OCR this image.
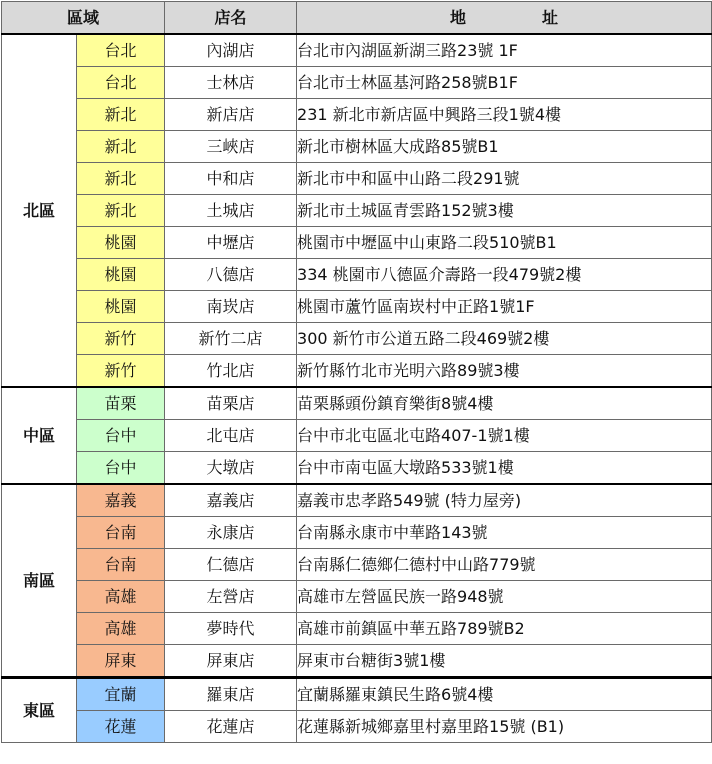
區域		店名	地 址
北區	台北	內湖店	台北市內湖區新湖三路23號 1F
	台北	士林店	台北市士林區基河路258號B1F
	新北	新店店	231 新北市新店區中興路三段1號4樓
	新北	三峽店	新北市樹林區大成路85號B1
	新北	中和店	新北市中和區中山路二段291號
	新北	土城店	新北市土城區青雲路152號3樓
	桃園	中壢店	桃園市中壢區中山東路二段510號B1
	桃園	八德店	334 桃園市八德區介壽路一段479號2樓
	桃園	南崁店	桃園市蘆竹區南崁村中正路1號1F
	新竹	新竹二店	300 新竹市公道五路二段469號2樓
	新竹	竹北店	新竹縣竹北市光明六路89號3樓
中區	苗栗	苗栗店	苗栗縣頭份鎮育樂街8號4樓
	台中	北屯店	台中市北屯區北屯路407-1號1樓
	台中	大墩店	台中市南屯區大墩路533號1樓
南區	嘉義	嘉義店	嘉義市忠孝路549號 (特力屋旁)
	台南	永康店	台南縣永康市中華路143號
	台南	仁德店	台南縣仁德鄉仁德村中山路779號
	高雄	左營店	高雄市左營區民族一路948號
	高雄	夢時代	高雄市前鎮區中華五路789號B2
	屏東	屏東店	屏東市台糖街3號1樓
東區	宜蘭	羅東店	宜蘭縣羅東鎮民生路6號4樓
	花蓮	花蓮店	花蓮縣新城鄉嘉里村嘉里路15號 (B1)
